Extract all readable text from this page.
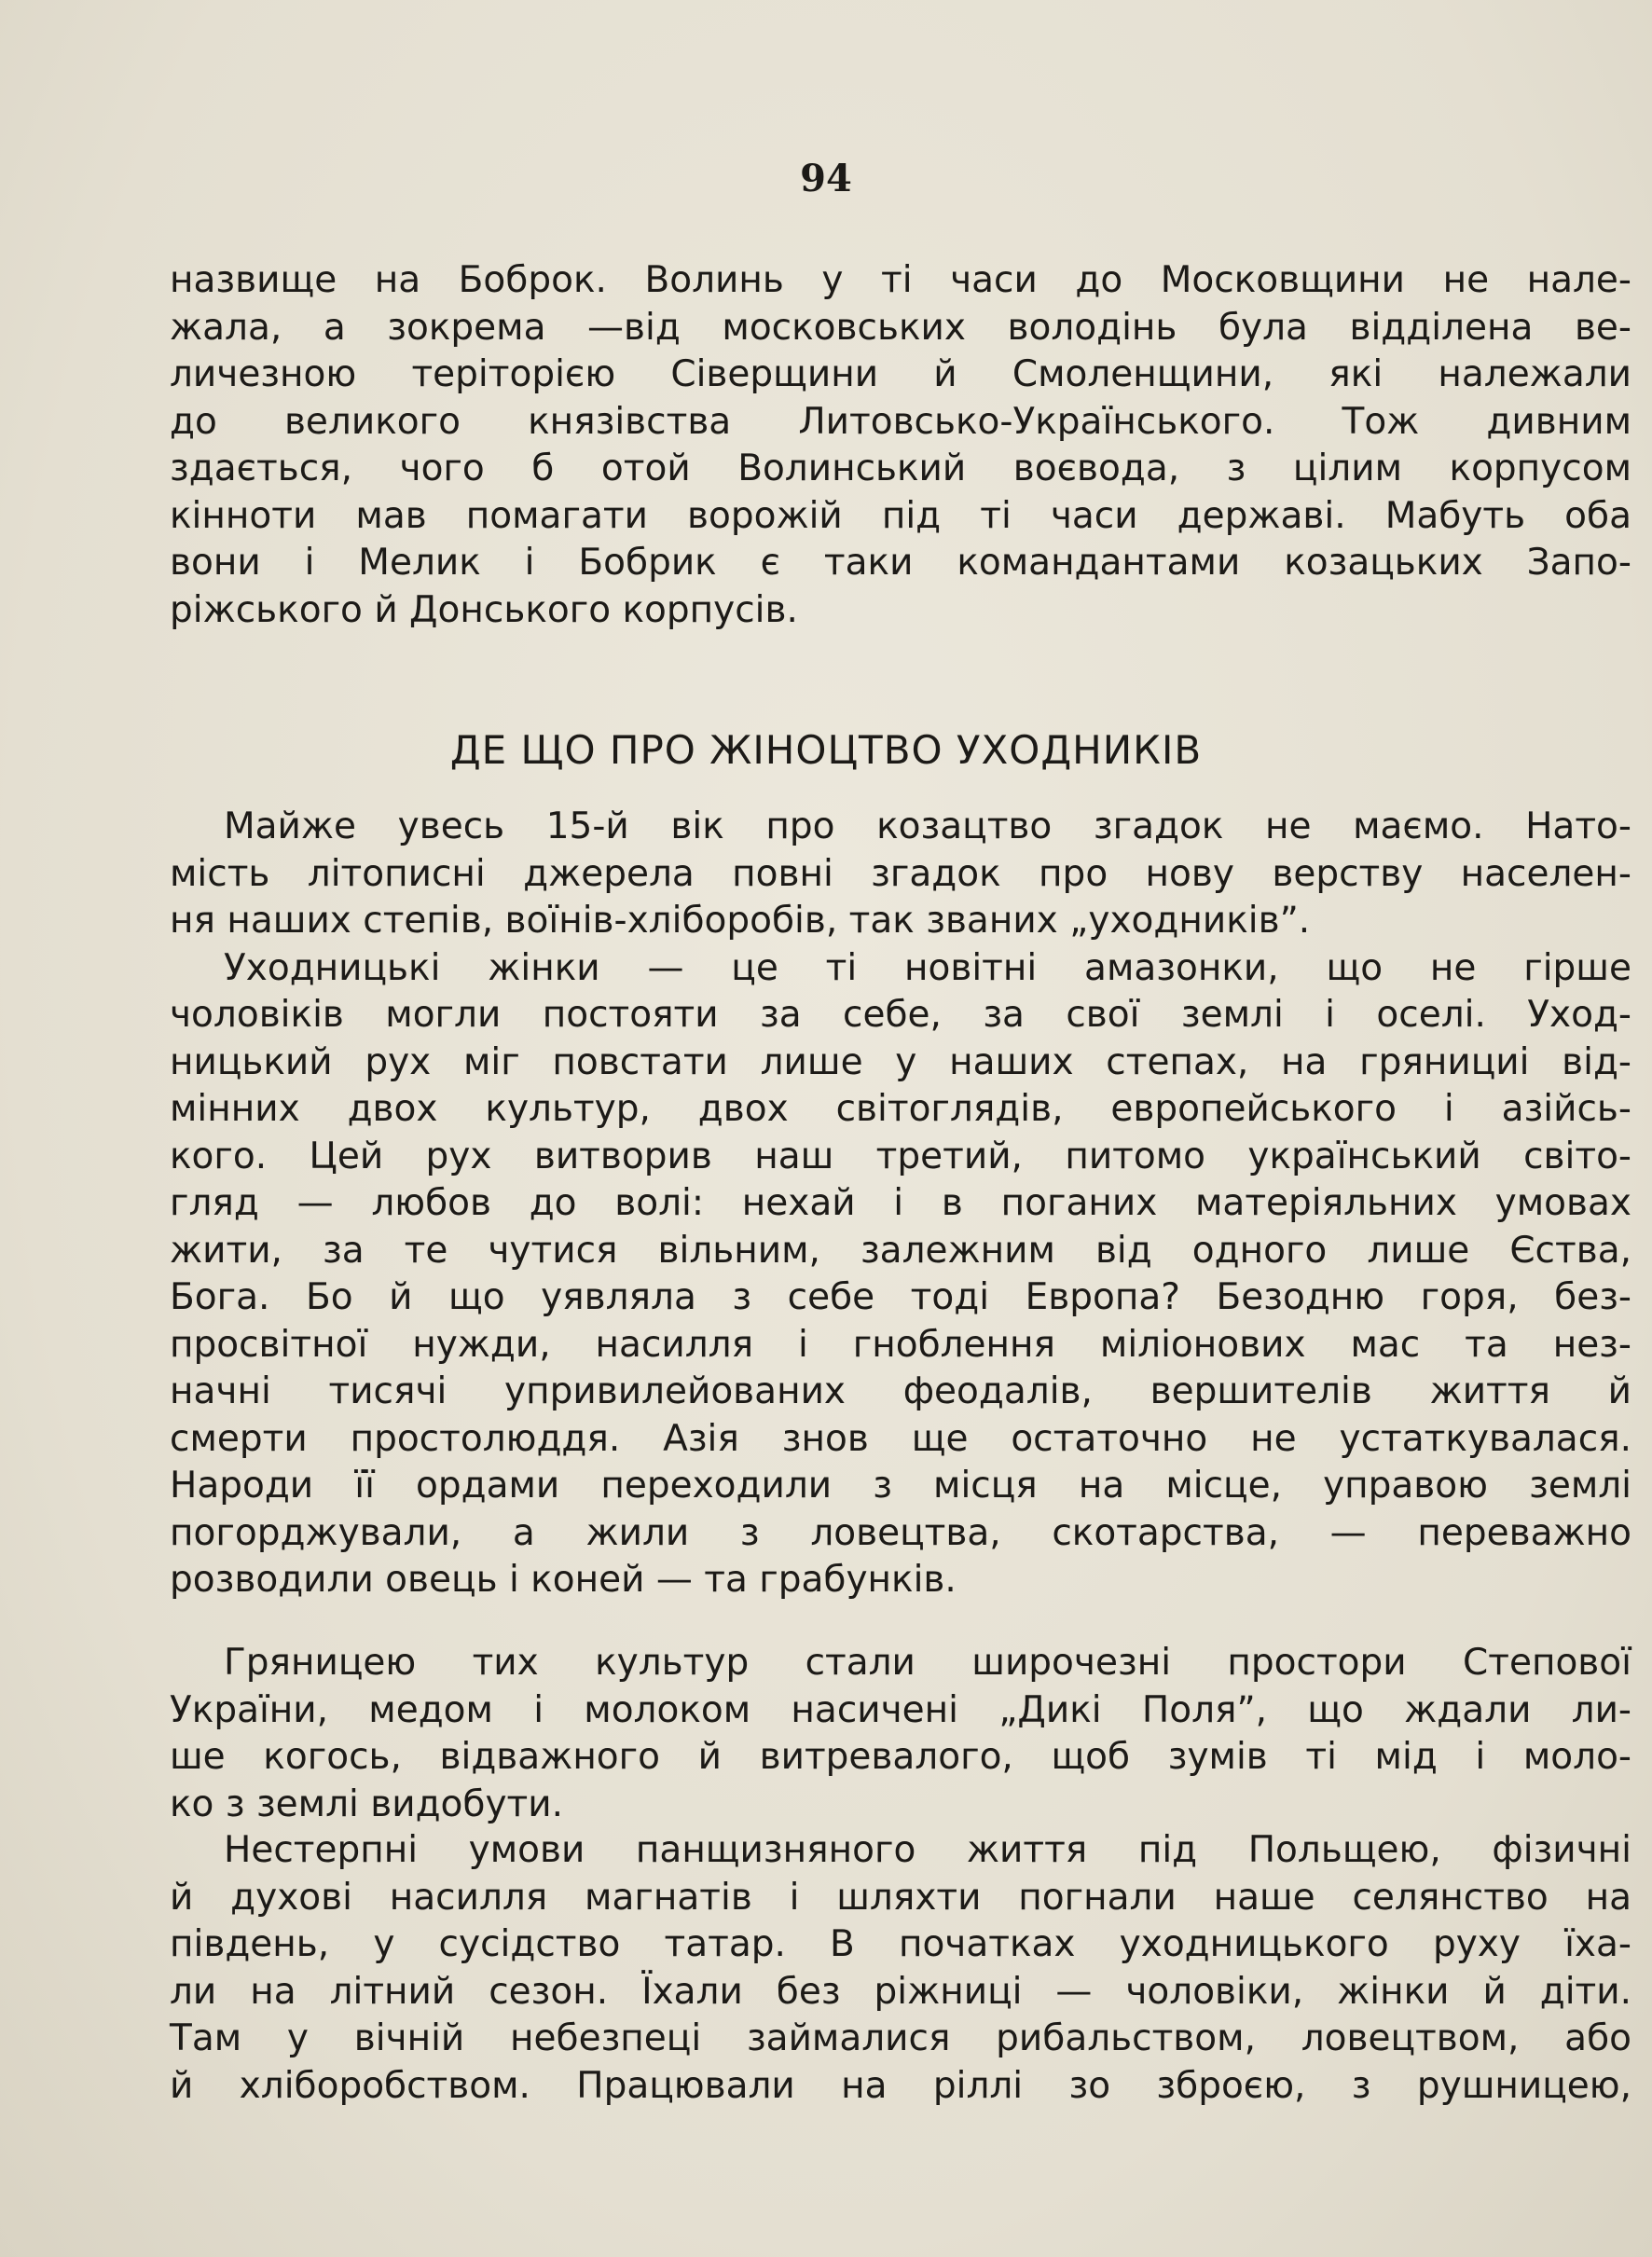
94
назвище на Боброк. Волинь у ті часи до Московщини не нале-
жала, а зокрема —від московських володінь була відділена ве-
личезною теріторією Сіверщини й Смоленщини, які належали
до великого князівства Литовсько-Українського. Тож дивним
здається, чого б отой Волинський воєвода, з цілим корпусом
кінноти мав помагати ворожій під ті часи державі. Мабуть оба
вони і Мелик і Бобрик є таки командантами козацьких Запо-
ріжського й Донського корпусів.
ДЕ ЩО ПРО ЖІНОЦТВО УХОДНИКІВ
Майже увесь 15-й вік про козацтво згадок не маємо. Нато-
мість літописні джерела повні згадок про нову верству населен-
ня наших степів, воїнів-хліборобів, так званих „уходників”.
Уходницькі жінки — це ті новітні амазонки, що не гірше
чоловіків могли постояти за себе, за свої землі і оселі. Уход-
ницький рух міг повстати лише у наших степах, на грянициі від-
мінних двох культур, двох світоглядів, европейського і азійсь-
кого. Цей рух витворив наш третий, питомо український світо-
гляд — любов до волі: нехай і в поганих матеріяльних умовах
жити, за те чутися вільним, залежним від одного лише Єства,
Бога. Бо й що уявляла з себе тоді Европа? Безодню горя, без-
просвітної нужди, насилля і гноблення міліонових мас та нез-
начні тисячі упривилейованих феодалів, вершителів життя й
смерти простолюддя. Азія знов ще остаточно не устаткувалася.
Народи її ордами переходили з місця на місце, управою землі
погорджували, а жили з ловецтва, скотарства, — переважно
розводили овець і коней — та грабунків.
Гряницею тих культур стали широчезні простори Степової
України, медом і молоком насичені „Дикі Поля”, що ждали ли-
ше когось, відважного й витревалого, щоб зумів ті мід і моло-
ко з землі видобути.
Нестерпні умови панщизняного життя під Польщею, фізичні
й духові насилля магнатів і шляхти погнали наше селянство на
південь, у сусідство татар. В початках уходницького руху їха-
ли на літний сезон. Їхали без ріжниці — чоловіки, жінки й діти.
Там у вічній небезпеці займалися рибальством, ловецтвом, або
й хліборобством. Працювали на ріллі зо зброєю, з рушницею,
